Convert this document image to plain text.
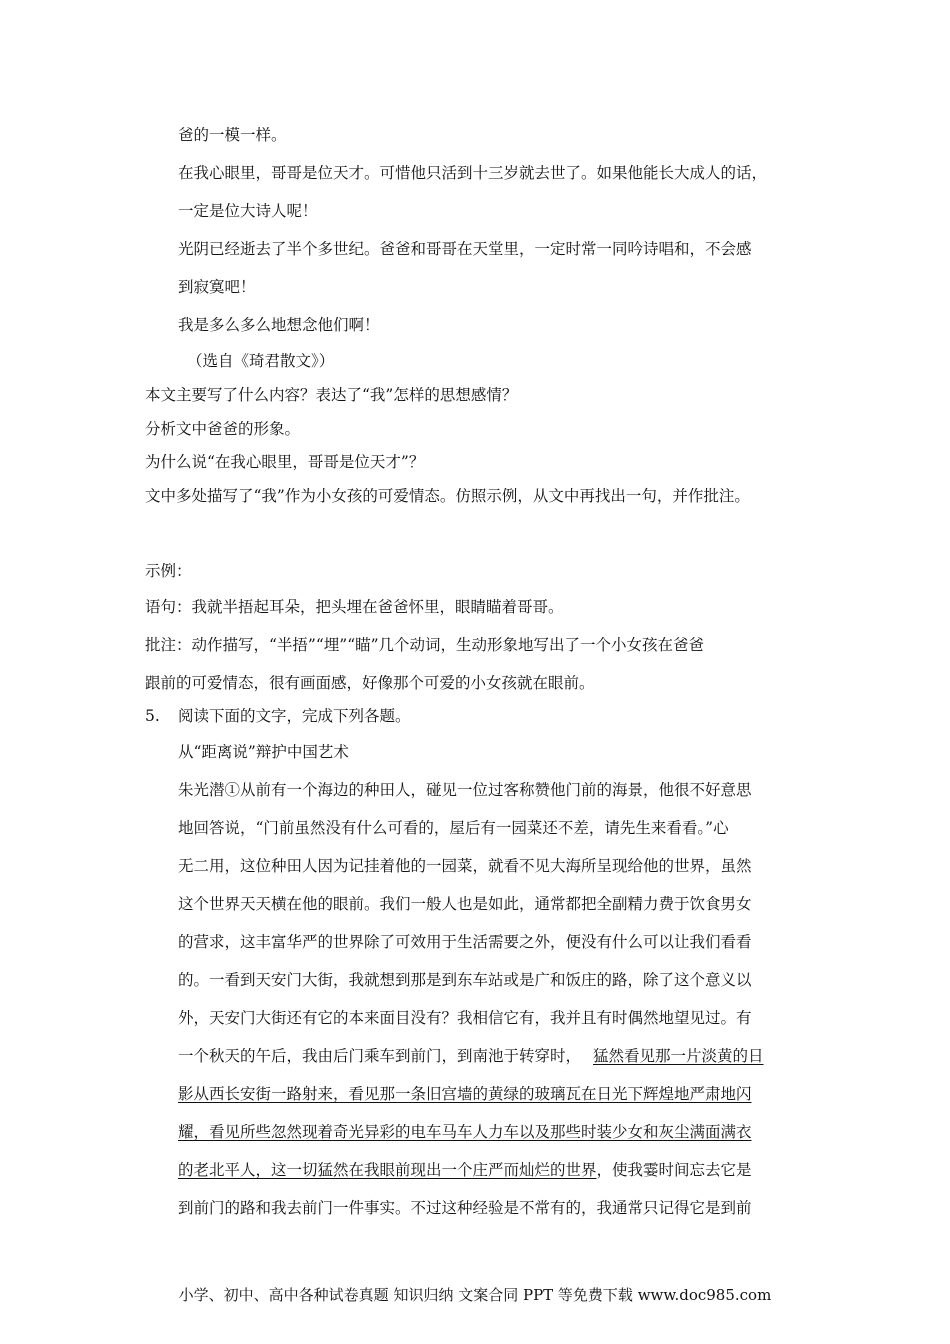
爸的一模一样。
在我心眼里，哥哥是位天才。可惜他只活到十三岁就去世了。如果他能长大成人的话，
一定是位大诗人呢！
光阴已经逝去了半个多世纪。爸爸和哥哥在天堂里，一定时常一同吟诗唱和，不会感
到寂寞吧！
我是多么多么地想念他们啊！
（选自《琦君散文》）
本文主要写了什么内容？表达了“我”怎样的思想感情？
分析文中爸爸的形象。
为什么说“在我心眼里，哥哥是位天才”？
文中多处描写了“我”作为小女孩的可爱情态。仿照示例，从文中再找出一句，并作批注。
示例：
语句：我就半捂起耳朵，把头埋在爸爸怀里，眼睛瞄着哥哥。
批注：动作描写，“半捂”“埋”“瞄”几个动词，生动形象地写出了一个小女孩在爸爸
跟前的可爱情态，很有画面感，好像那个可爱的小女孩就在眼前。
5. 阅读下面的文字，完成下列各题。
从“距离说”辩护中国艺术
朱光潜①从前有一个海边的种田人，碰见一位过客称赞他门前的海景，他很不好意思
地回答说，“门前虽然没有什么可看的，屋后有一园菜还不差，请先生来看看。”心
无二用，这位种田人因为记挂着他的一园菜，就看不见大海所呈现给他的世界，虽然
这个世界天天横在他的眼前。我们一般人也是如此，通常都把全副精力费于饮食男女
的营求，这丰富华严的世界除了可效用于生活需要之外，便没有什么可以让我们看看
的。一看到天安门大街，我就想到那是到东车站或是广和饭庄的路，除了这个意义以
外，天安门大街还有它的本来面目没有？我相信它有，我并且有时偶然地望见过。有
一个秋天的午后，我由后门乘车到前门，到南池于转穿时， 猛然看见那一片淡黄的日
影从西长安街一路射来，看见那一条旧宫墙的黄绿的玻璃瓦在日光下辉煌地严肃地闪
耀，看见所些忽然现着奇光异彩的电车马车人力车以及那些时装少女和灰尘满面满衣
的老北平人，这一切猛然在我眼前现出一个庄严而灿烂的世界，使我霎时间忘去它是
到前门的路和我去前门一件事实。不过这种经验是不常有的，我通常只记得它是到前
小学、初中、高中各种试卷真题 知识归纳 文案合同 PPT 等免费下载 www.doc985.com
